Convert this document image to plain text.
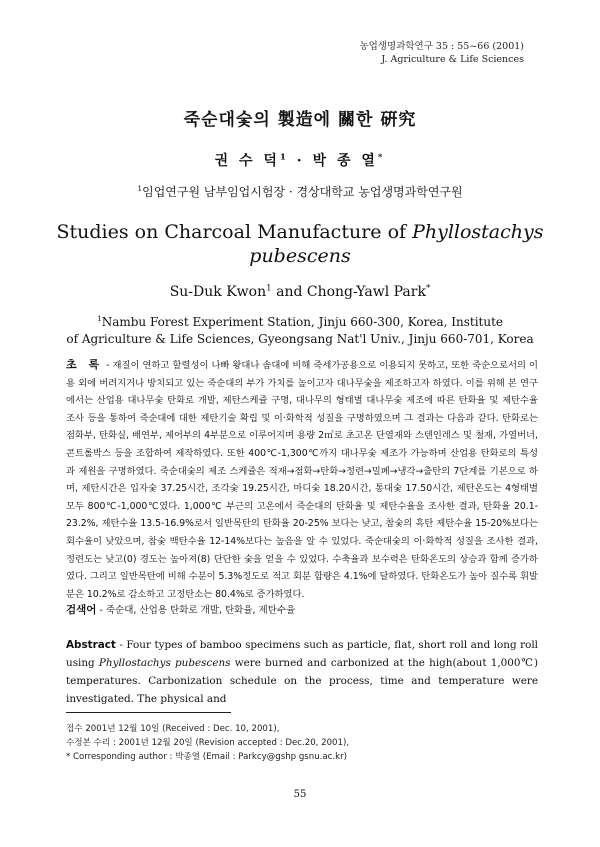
농업생명과학연구 35 : 55~66 (2001)
J. Agriculture & Life Sciences
죽순대숯의 製造에 關한 硏究
권 수 덕$^1$ · 박 종 열*
$^1$임업연구원 남부임업시험장 · 경상대학교 농업생명과학연구원
Studies on Charcoal Manufacture of Phyllostachys
pubescens
Su-Duk Kwon$^1$ and Chong-Yawl Park*
$^1$Nambu Forest Experiment Station, Jinju 660-300, Korea, Institute
of Agriculture & Life Sciences, Gyeongsang Nat'l Univ., Jinju 660-701, Korea
초 록 - 재질이 연하고 할렬성이 나빠 왕대나 솜대에 비해 죽세가공용으로 이용되지 못하고, 또한 죽순으로서의 이용 외에 버려지거나 방치되고 있는 죽순대의 부가 가치를 높이고자 대나무숯을 제조하고자 하였다. 이를 위해 본 연구에서는 산업용 대나무숯 탄화로 개발, 제탄스케쥴 구명, 대나무의 형태별 대나무숯 제조에 따른 탄화율 및 제탄수율 조사 등을 통하여 죽순대에 대한 제탄기술 확립 및 이·화학적 성질을 구명하였으며 그 결과는 다음과 같다. 탄화로는 점화부, 탄화실, 배연부, 제어부의 4부분으로 이루어지며 용량 2㎥로 초고온 단열재와 스텐인레스 및 철재, 가열버너, 콘트롤박스 등을 조합하여 제작하였다. 또한 400℃-1,300℃까지 대나무숯 제조가 가능하며 산업용 탄화로의 특성과 제원을 구명하였다. 죽순대숯의 제조 스케쥴은 적재→점화→탄화→정련→밀폐→냉각→출탄의 7단계를 기본으로 하며, 제탄시간은 입자숯 37.25시간, 조각숯 19.25시간, 마디숯 18.20시간, 통대숯 17.50시간, 제탄온도는 4형태별 모두 800℃-1,000℃였다. 1,000℃ 부근의 고온에서 죽순대의 탄화율 및 제탄수율을 조사한 결과, 탄화율 20.1-23.2%, 제탄수율 13.5-16.9%로서 일반목탄의 탄화율 20-25% 보다는 낮고, 참숯의 흑탄 제탄수율 15-20%보다는 회수율이 낮았으며, 참숯 백탄수율 12-14%보다는 높음을 알 수 있었다. 죽순대숯의 이·화학적 성질을 조사한 결과, 정련도는 낮고(0) 경도는 높아져(8) 단단한 숯을 얻을 수 있었다. 수축율과 보수력은 탄화온도의 상승과 함께 증가하였다. 그리고 일반목탄에 비해 수분이 5.3%정도로 적고 회분 함량은 4.1%에 달하였다. 탄화온도가 높아 질수록 휘발분은 10.2%로 감소하고 고정탄소는 80.4%로 증가하였다.
검색어 - 죽순대, 산업용 탄화로 개발, 탄화율, 제탄수율
Abstract - Four types of bamboo specimens such as particle, flat, short roll and long roll using Phyllostachys pubescens were burned and carbonized at the high(about 1,000℃) temperatures. Carbonization schedule on the process, time and temperature were investigated. The physical and
접수 2001년 12월 10일 (Received : Dec. 10, 2001),
수정본 수리 : 2001년 12월 20일 (Revision accepted : Dec.20, 2001),
* Corresponding author : 박종열 (Email : Parkcy@gshp gsnu.ac.kr)
55
